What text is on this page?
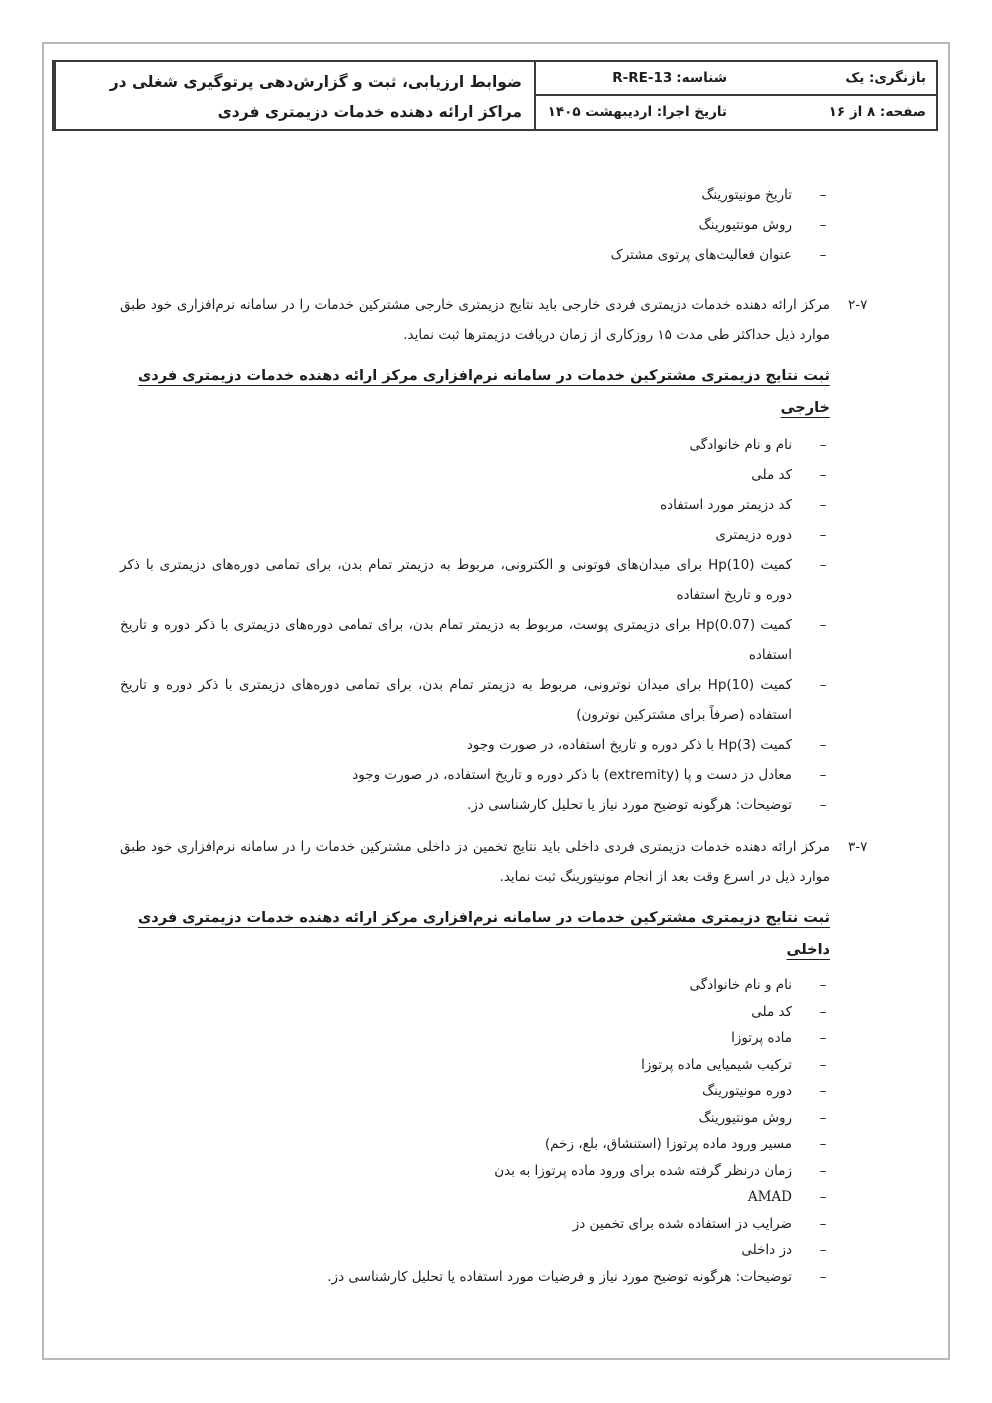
ضوابط ارزیابی، ثبت و گزارش‌دهی پرتوگیری شغلی در مراکز ارائه دهنده خدمات دزیمتری فردی
شناسه:
R-RE-13
تاریخ اجرا: اردیبهشت ۱۴۰۵
بازنگری: یک
صفحه: ۸ از ۱۶
–
تاریخ مونیتورینگ
–
روش مونتیورینگ
–
عنوان فعالیت‌های پرتوی مشترک
۲-۷
مرکز ارائه دهنده خدمات دزیمتری فردی خارجی باید نتایج دزیمتری خارجی مشترکین خدمات را در سامانه نرم‌افزاری خود طبق موارد ذیل حداکثر طی مدت ۱۵ روزکاری از زمان دریافت دزیمترها ثبت نماید.
ثبت نتایج دزیمتری مشترکین خدمات در سامانه نرم‌افزاری مرکز ارائه دهنده خدمات دزیمتری فردی خارجی
–
نام و نام خانوادگی
–
کد ملی
–
کد دزیمتر مورد استفاده
–
دوره دزیمتری
–
کمیت Hp(10) برای میدان‌های فوتونی و الکترونی، مربوط به دزیمتر تمام بدن، برای تمامی دوره‌های دزیمتری با ذکر دوره و تاریخ استفاده
–
کمیت Hp(0.07) برای دزیمتری پوست، مربوط به دزیمتر تمام بدن، برای تمامی دوره‌های دزیمتری با ذکر دوره و تاریخ استفاده
–
کمیت Hp(10) برای میدان نوترونی، مربوط به دزیمتر تمام بدن، برای تمامی دوره‌های دزیمتری با ذکر دوره و تاریخ استفاده (صرفاً برای مشترکین نوترون)
–
کمیت Hp(3) با ذکر دوره و تاریخ استفاده، در صورت وجود
–
معادل دز دست و پا (extremity) با ذکر دوره و تاریخ استفاده، در صورت وجود
–
توضیحات: هرگونه توضیح مورد نیاز یا تحلیل کارشناسی دز.
۳-۷
مرکز ارائه دهنده خدمات دزیمتری فردی داخلی باید نتایج تخمین دز داخلی مشترکین خدمات را در سامانه نرم‌افزاری خود طبق موارد ذیل در اسرع وقت بعد از انجام مونیتورینگ ثبت نماید.
ثبت نتایج دزیمتری مشترکین خدمات در سامانه نرم‌افزاری مرکز ارائه دهنده خدمات دزیمتری فردی داخلی
–
نام و نام خانوادگی
–
کد ملی
–
ماده پرتوزا
–
ترکیب شیمیایی ماده پرتوزا
–
دوره مونیتورینگ
–
روش مونتیورینگ
–
مسیر ورود ماده پرتوزا (استنشاق، بلع، زخم)
–
زمان درنظر گرفته شده برای ورود ماده پرتوزا به بدن
–
AMAD
–
ضرایب دز استفاده شده برای تخمین دز
–
دز داخلی
–
توضیحات: هرگونه توضیح مورد نیاز و فرضیات مورد استفاده یا تحلیل کارشناسی دز.
